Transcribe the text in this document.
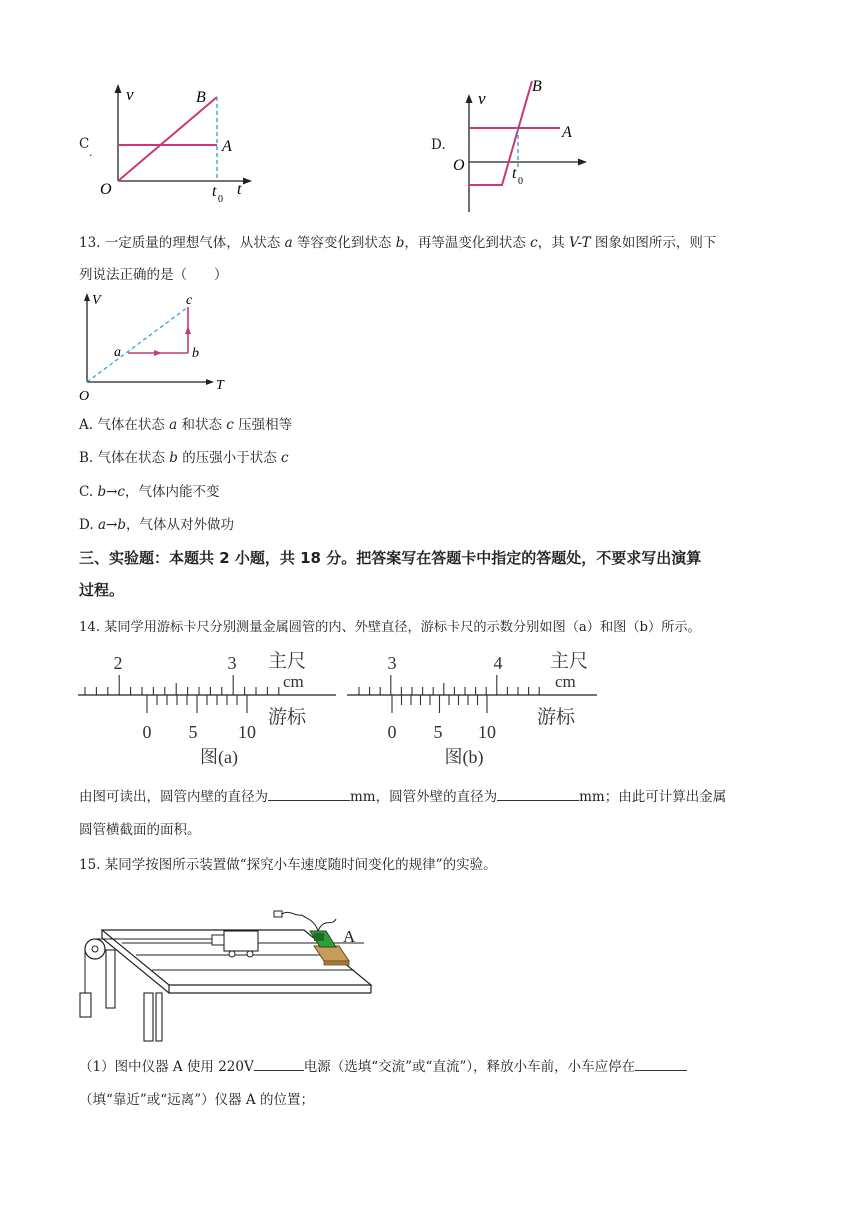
C
.
v
O
B
A
t 0
t
D.
v
O
B
A
t 0
13. 一定质量的理想气体，从状态 a 等容变化到状态 b，再等温变化到状态 c，其 V-T 图象如图所示，则下
列说法正确的是（　　）
V
T
O
a	b
c
A. 气体在状态 a 和状态 c 压强相等
B. 气体在状态 b 的压强小于状态 c
C. b→c，气体内能不变
D. a→b，气体从对外做功
三、实验题：本题共 2 小题，共 18 分。把答案写在答题卡中指定的答题处，不要求写出演算
过程。
14. 某同学用游标卡尺分别测量金属圆管的内、外壁直径，游标卡尺的示数分别如图（a）和图（b）所示。
2	3 主尺
cm
游标
0 5 10
图(a)
3	4	主尺
cm
游标
0 5 10
图(b)
由图可读出，圆管内壁的直径为	mm，圆管外壁的直径为	mm；由此可计算出金属
圆管横截面的面积。
15. 某同学按图所示装置做“探究小车速度随时间变化的规律”的实验。
A
（1）图中仪器 A 使用 220V	电源（选填“交流”或“直流”），释放小车前，小车应停在
（填“靠近”或“远离”）仪器 A 的位置；
